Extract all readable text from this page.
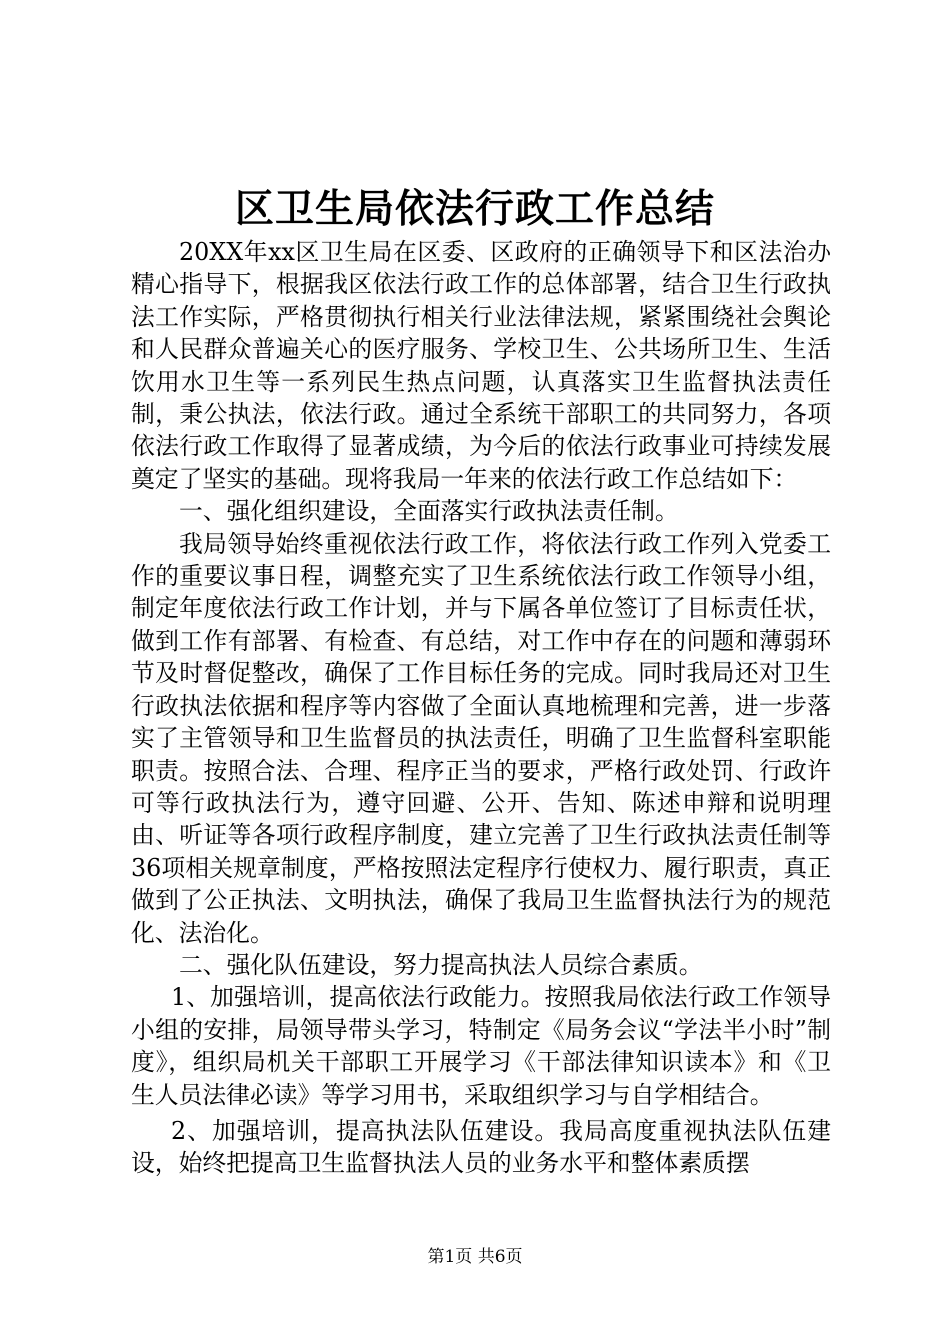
区卫生局依法行政工作总结

20XX年xx区卫生局在区委、区政府的正确领导下和区法治办精心指导下，根据我区依法行政工作的总体部署，结合卫生行政执法工作实际，严格贯彻执行相关行业法律法规，紧紧围绕社会舆论和人民群众普遍关心的医疗服务、学校卫生、公共场所卫生、生活饮用水卫生等一系列民生热点问题，认真落实卫生监督执法责任制，秉公执法，依法行政。通过全系统干部职工的共同努力，各项依法行政工作取得了显著成绩，为今后的依法行政事业可持续发展奠定了坚实的基础。现将我局一年来的依法行政工作总结如下：

一、强化组织建设，全面落实行政执法责任制。

我局领导始终重视依法行政工作，将依法行政工作列入党委工作的重要议事日程，调整充实了卫生系统依法行政工作领导小组，制定年度依法行政工作计划，并与下属各单位签订了目标责任状，做到工作有部署、有检查、有总结，对工作中存在的问题和薄弱环节及时督促整改，确保了工作目标任务的完成。同时我局还对卫生行政执法依据和程序等内容做了全面认真地梳理和完善，进一步落实了主管领导和卫生监督员的执法责任，明确了卫生监督科室职能职责。按照合法、合理、程序正当的要求，严格行政处罚、行政许可等行政执法行为，遵守回避、公开、告知、陈述申辩和说明理由、听证等各项行政程序制度，建立完善了卫生行政执法责任制等36项相关规章制度，严格按照法定程序行使权力、履行职责，真正做到了公正执法、文明执法，确保了我局卫生监督执法行为的规范化、法治化。

二、强化队伍建设，努力提高执法人员综合素质。

1、加强培训，提高依法行政能力。按照我局依法行政工作领导小组的安排，局领导带头学习，特制定《局务会议“学法半小时”制度》，组织局机关干部职工开展学习《干部法律知识读本》和《卫生人员法律必读》等学习用书，采取组织学习与自学相结合。

2、加强培训，提高执法队伍建设。我局高度重视执法队伍建设，始终把提高卫生监督执法人员的业务水平和整体素质摆

第1页 共6页
